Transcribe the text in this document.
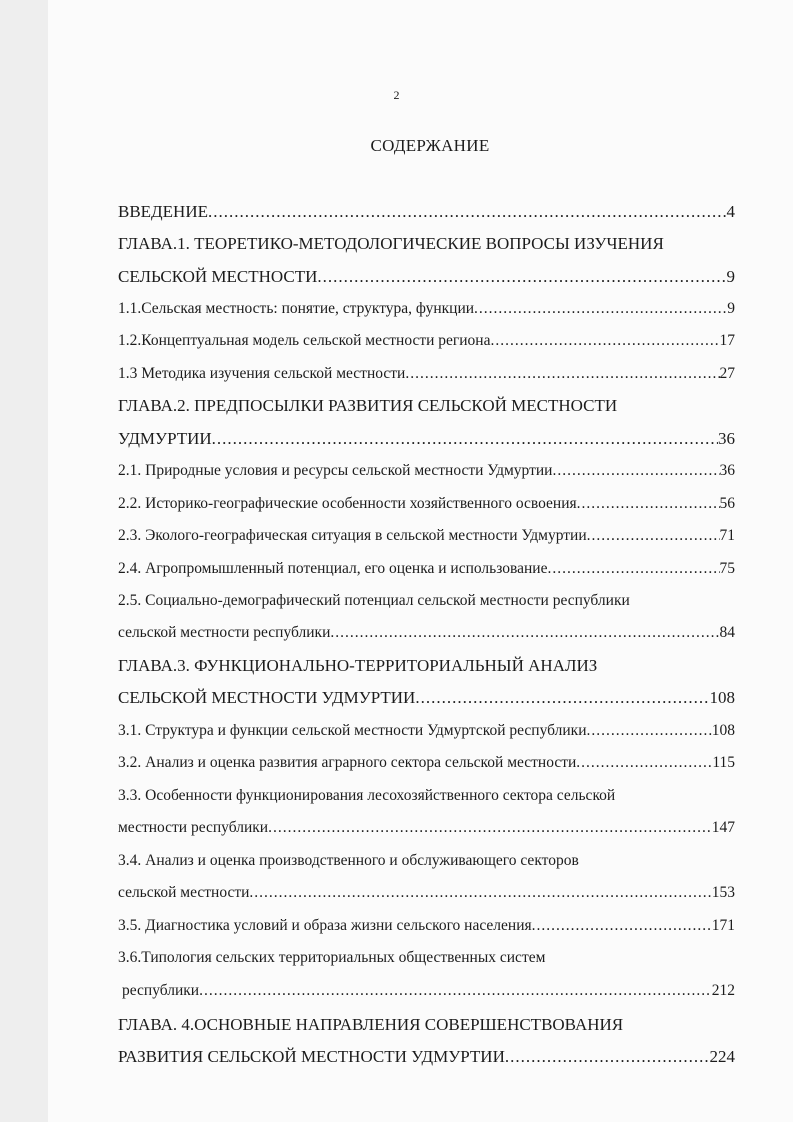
2
СОДЕРЖАНИЕ
ВВЕДЕНИЕ .....	4
ГЛАВА.1. ТЕОРЕТИКО-МЕТОДОЛОГИЧЕСКИЕ ВОПРОСЫ ИЗУЧЕНИЯ
СЕЛЬСКОЙ МЕСТНОСТИ .....	9
1.1.Сельская местность: понятие, структура, функции .....	9
1.2.Концептуальная модель сельской местности региона .....	17
1.3 Методика изучения сельской местности .....	27
ГЛАВА.2. ПРЕДПОСЫЛКИ РАЗВИТИЯ СЕЛЬСКОЙ МЕСТНОСТИ
УДМУРТИИ .....	36
2.1. Природные условия и ресурсы сельской местности Удмуртии .....	36
2.2. Историко-географические особенности хозяйственного освоения .....	56
2.3. Эколого-географическая ситуация в сельской местности Удмуртии .....	71
2.4. Агропромышленный потенциал, его оценка и использование .....	75
2.5. Социально-демографический потенциал сельской местности республики
сельской местности республики .....	84
ГЛАВА.3. ФУНКЦИОНАЛЬНО-ТЕРРИТОРИАЛЬНЫЙ АНАЛИЗ
СЕЛЬСКОЙ МЕСТНОСТИ УДМУРТИИ .....	108
3.1. Структура и функции сельской местности Удмуртской республики .....	108
3.2. Анализ и оценка развития аграрного сектора сельской местности .....	115
3.3. Особенности функционирования лесохозяйственного сектора сельской
местности республики .....	147
3.4. Анализ и оценка производственного и обслуживающего секторов
сельской местности .....	153
3.5. Диагностика условий и образа жизни сельского населения .....	171
3.6.Типология сельских территориальных общественных систем
республики .....	212
ГЛАВА. 4.ОСНОВНЫЕ НАПРАВЛЕНИЯ СОВЕРШЕНСТВОВАНИЯ
РАЗВИТИЯ СЕЛЬСКОЙ МЕСТНОСТИ УДМУРТИИ .....	224
